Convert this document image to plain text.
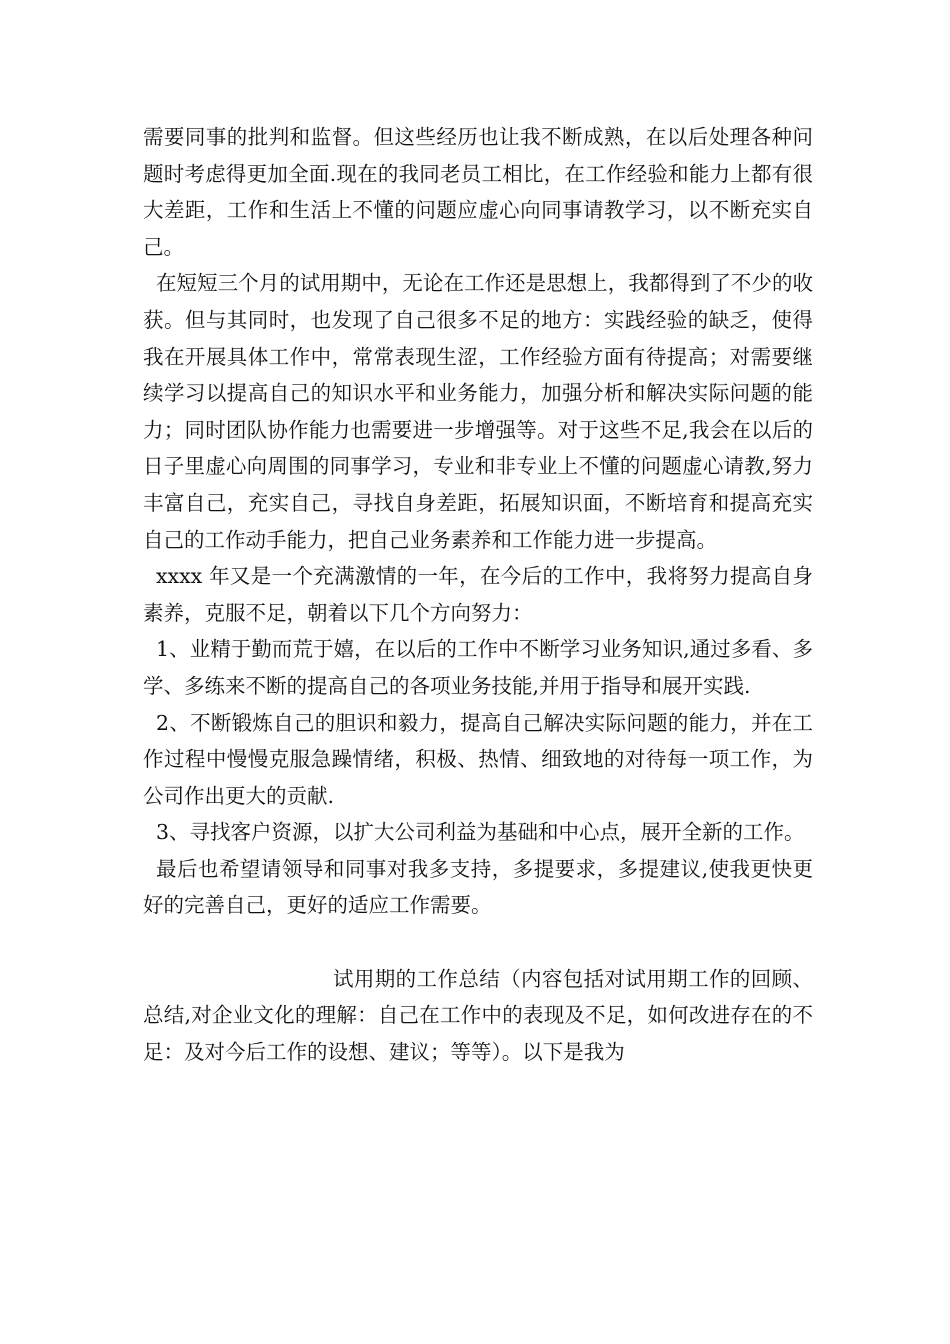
需要同事的批判和监督。但这些经历也让我不断成熟，在以后处理各种问题时考虑得更加全面.现在的我同老员工相比，在工作经验和能力上都有很大差距，工作和生活上不懂的问题应虚心向同事请教学习，以不断充实自己。

在短短三个月的试用期中，无论在工作还是思想上，我都得到了不少的收获。但与其同时，也发现了自己很多不足的地方：实践经验的缺乏，使得我在开展具体工作中，常常表现生涩，工作经验方面有待提高；对需要继续学习以提高自己的知识水平和业务能力，加强分析和解决实际问题的能力；同时团队协作能力也需要进一步增强等。对于这些不足,我会在以后的日子里虚心向周围的同事学习，专业和非专业上不懂的问题虚心请教,努力丰富自己，充实自己，寻找自身差距，拓展知识面，不断培育和提高充实自己的工作动手能力，把自己业务素养和工作能力进一步提高。

xxxx 年又是一个充满激情的一年，在今后的工作中，我将努力提高自身素养，克服不足，朝着以下几个方向努力：

1、业精于勤而荒于嬉，在以后的工作中不断学习业务知识,通过多看、多学、多练来不断的提高自己的各项业务技能,并用于指导和展开实践.

2、不断锻炼自己的胆识和毅力，提高自己解决实际问题的能力，并在工作过程中慢慢克服急躁情绪，积极、热情、细致地的对待每一项工作，为公司作出更大的贡献.

3、寻找客户资源，以扩大公司利益为基础和中心点，展开全新的工作。

最后也希望请领导和同事对我多支持，多提要求，多提建议,使我更快更好的完善自己，更好的适应工作需要。

试用期的工作总结（内容包括对试用期工作的回顾、总结,对企业文化的理解：自己在工作中的表现及不足，如何改进存在的不足：及对今后工作的设想、建议；等等）。以下是我为
